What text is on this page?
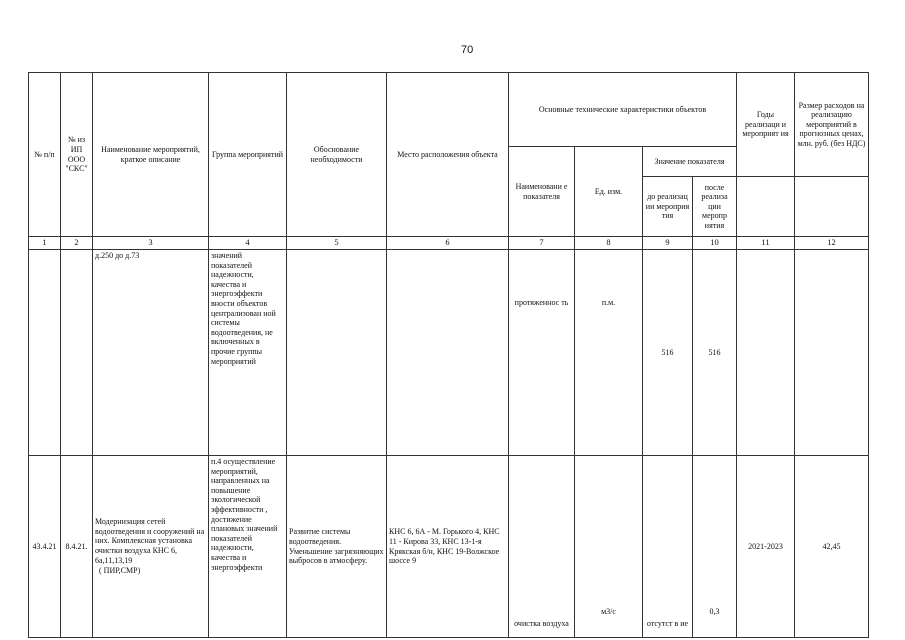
70
№ п/п	№ из ИП ООО "СКС"	Наименование мероприятий, краткое описание	Группа мероприятий	Обоснование необходимости	Место расположения объекта	Основные технические характеристики объектов				Годы реализаци и мероприят ия	Размер расходов на реализацию мероприятий в прогнозных ценах, млн. руб. (без НДС)
						Наименовани е показателя	Ед. изм.	Значение показателя			
								до реализац ии мероприя тия	после реализа ции меропр иятия		
1	2	3	4	5	6	7	8	9	10	11	12
		д.250 до д.73	значений показателей надежности, качества и энергоэффекти вности объектов централизован ной системы водоотведения, не включенных в прочие группы мероприятий			протяженнос ть	п.м.	516	516		
43.4.21	8.4.21.	Модернизация сетей водоотведения и сооружений на них. Комплексная установка очистки воздуха КНС 6, 6а,11,13,19
( ПИР,СМР)	п.4 осуществление мероприятий, направленных на повышение экологической эффективности , достижение плановых значений показателей надежности, качества и энергоэффекти	Развитие системы водоотведения. Уменьшение загрязняющих выбросов в атмосферу.	КНС 6, 6А - М. Горького 4, КНС 11 - Кирова 33, КНС 13-1-я Крякская б/н, КНС 19-Волжское шоссе 9	очистка воздуха	м3/с	отсутст в ие	0,3	2021-2023	42,45
